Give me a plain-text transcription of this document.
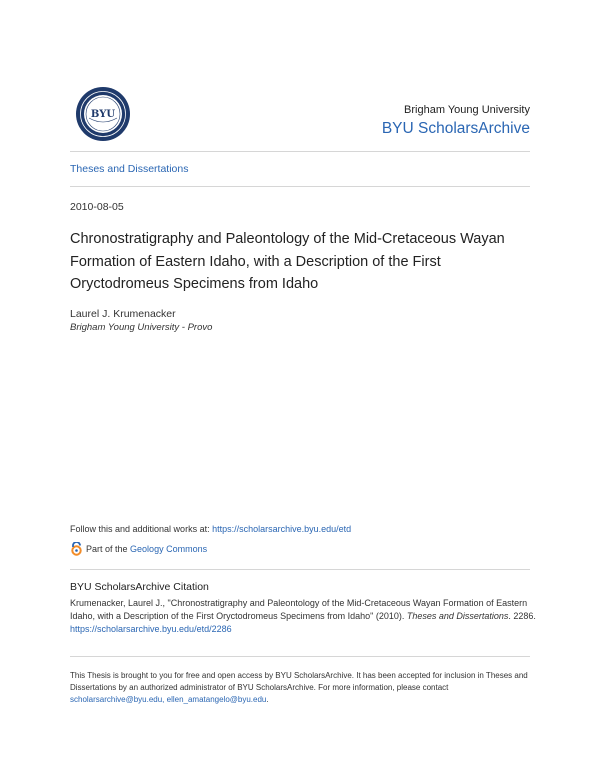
BYU	Brigham Young University
BYU ScholarsArchive
Theses and Dissertations
2010-08-05
Chronostratigraphy and Paleontology of the Mid-Cretaceous Wayan Formation of Eastern Idaho, with a Description of the First Oryctodromeus Specimens from Idaho
Laurel J. Krumenacker
Brigham Young University - Provo
Follow this and additional works at: https://scholarsarchive.byu.edu/etd
Part of the
Geology Commons
BYU ScholarsArchive Citation
Krumenacker, Laurel J., "Chronostratigraphy and Paleontology of the Mid-Cretaceous Wayan Formation of Eastern Idaho, with a Description of the First Oryctodromeus Specimens from Idaho" (2010). Theses and Dissertations. 2286.
https://scholarsarchive.byu.edu/etd/2286
This Thesis is brought to you for free and open access by BYU ScholarsArchive. It has been accepted for inclusion in Theses and Dissertations by an authorized administrator of BYU ScholarsArchive. For more information, please contact scholarsarchive@byu.edu, ellen_amatangelo@byu.edu.
